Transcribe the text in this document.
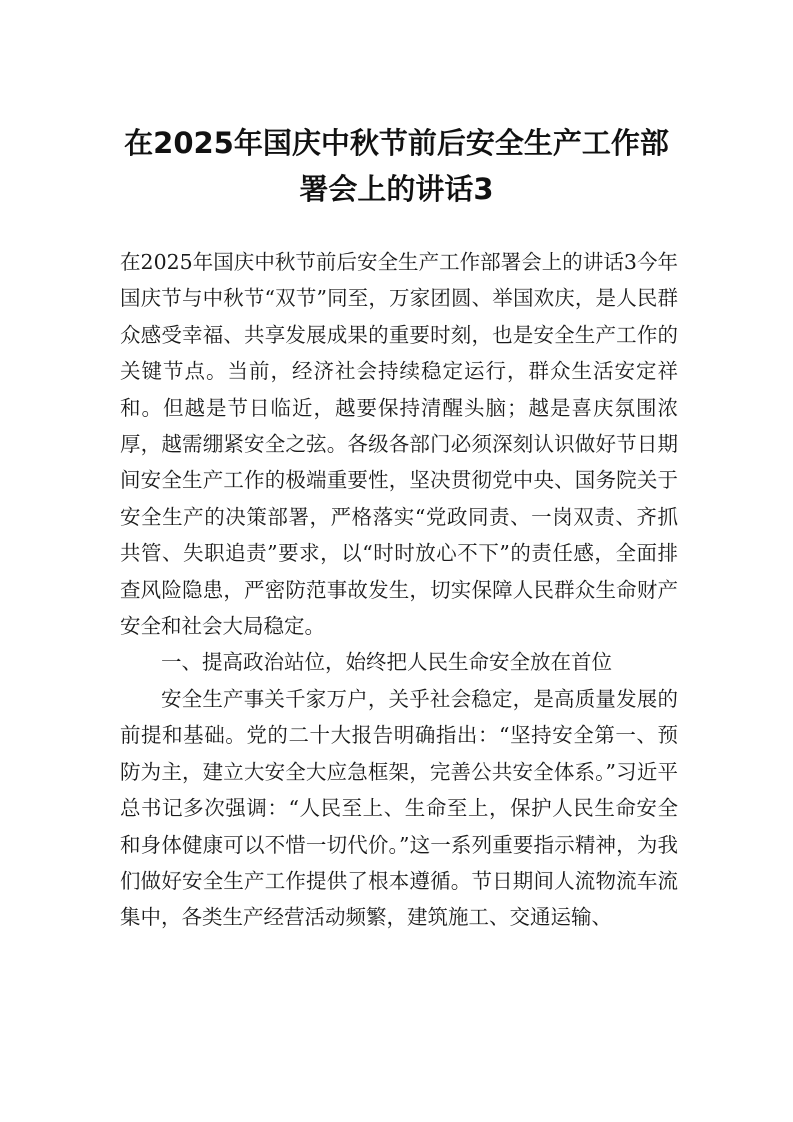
在2025年国庆中秋节前后安全生产工作部
署会上的讲话3

在2025年国庆中秋节前后安全生产工作部署会上的讲话3今年国庆节与中秋节“双节”同至，万家团圆、举国欢庆，是人民群众感受幸福、共享发展成果的重要时刻，也是安全生产工作的关键节点。当前，经济社会持续稳定运行，群众生活安定祥和。但越是节日临近，越要保持清醒头脑；越是喜庆氛围浓厚，越需绷紧安全之弦。各级各部门必须深刻认识做好节日期间安全生产工作的极端重要性，坚决贯彻党中央、国务院关于安全生产的决策部署，严格落实“党政同责、一岗双责、齐抓共管、失职追责”要求，以“时时放心不下”的责任感，全面排查风险隐患，严密防范事故发生，切实保障人民群众生命财产安全和社会大局稳定。

一、提高政治站位，始终把人民生命安全放在首位

安全生产事关千家万户，关乎社会稳定，是高质量发展的前提和基础。党的二十大报告明确指出：“坚持安全第一、预防为主，建立大安全大应急框架，完善公共安全体系。”习近平总书记多次强调：“人民至上、生命至上，保护人民生命安全和身体健康可以不惜一切代价。”这一系列重要指示精神，为我们做好安全生产工作提供了根本遵循。节日期间人流物流车流集中，各类生产经营活动频繁，建筑施工、交通运输、
